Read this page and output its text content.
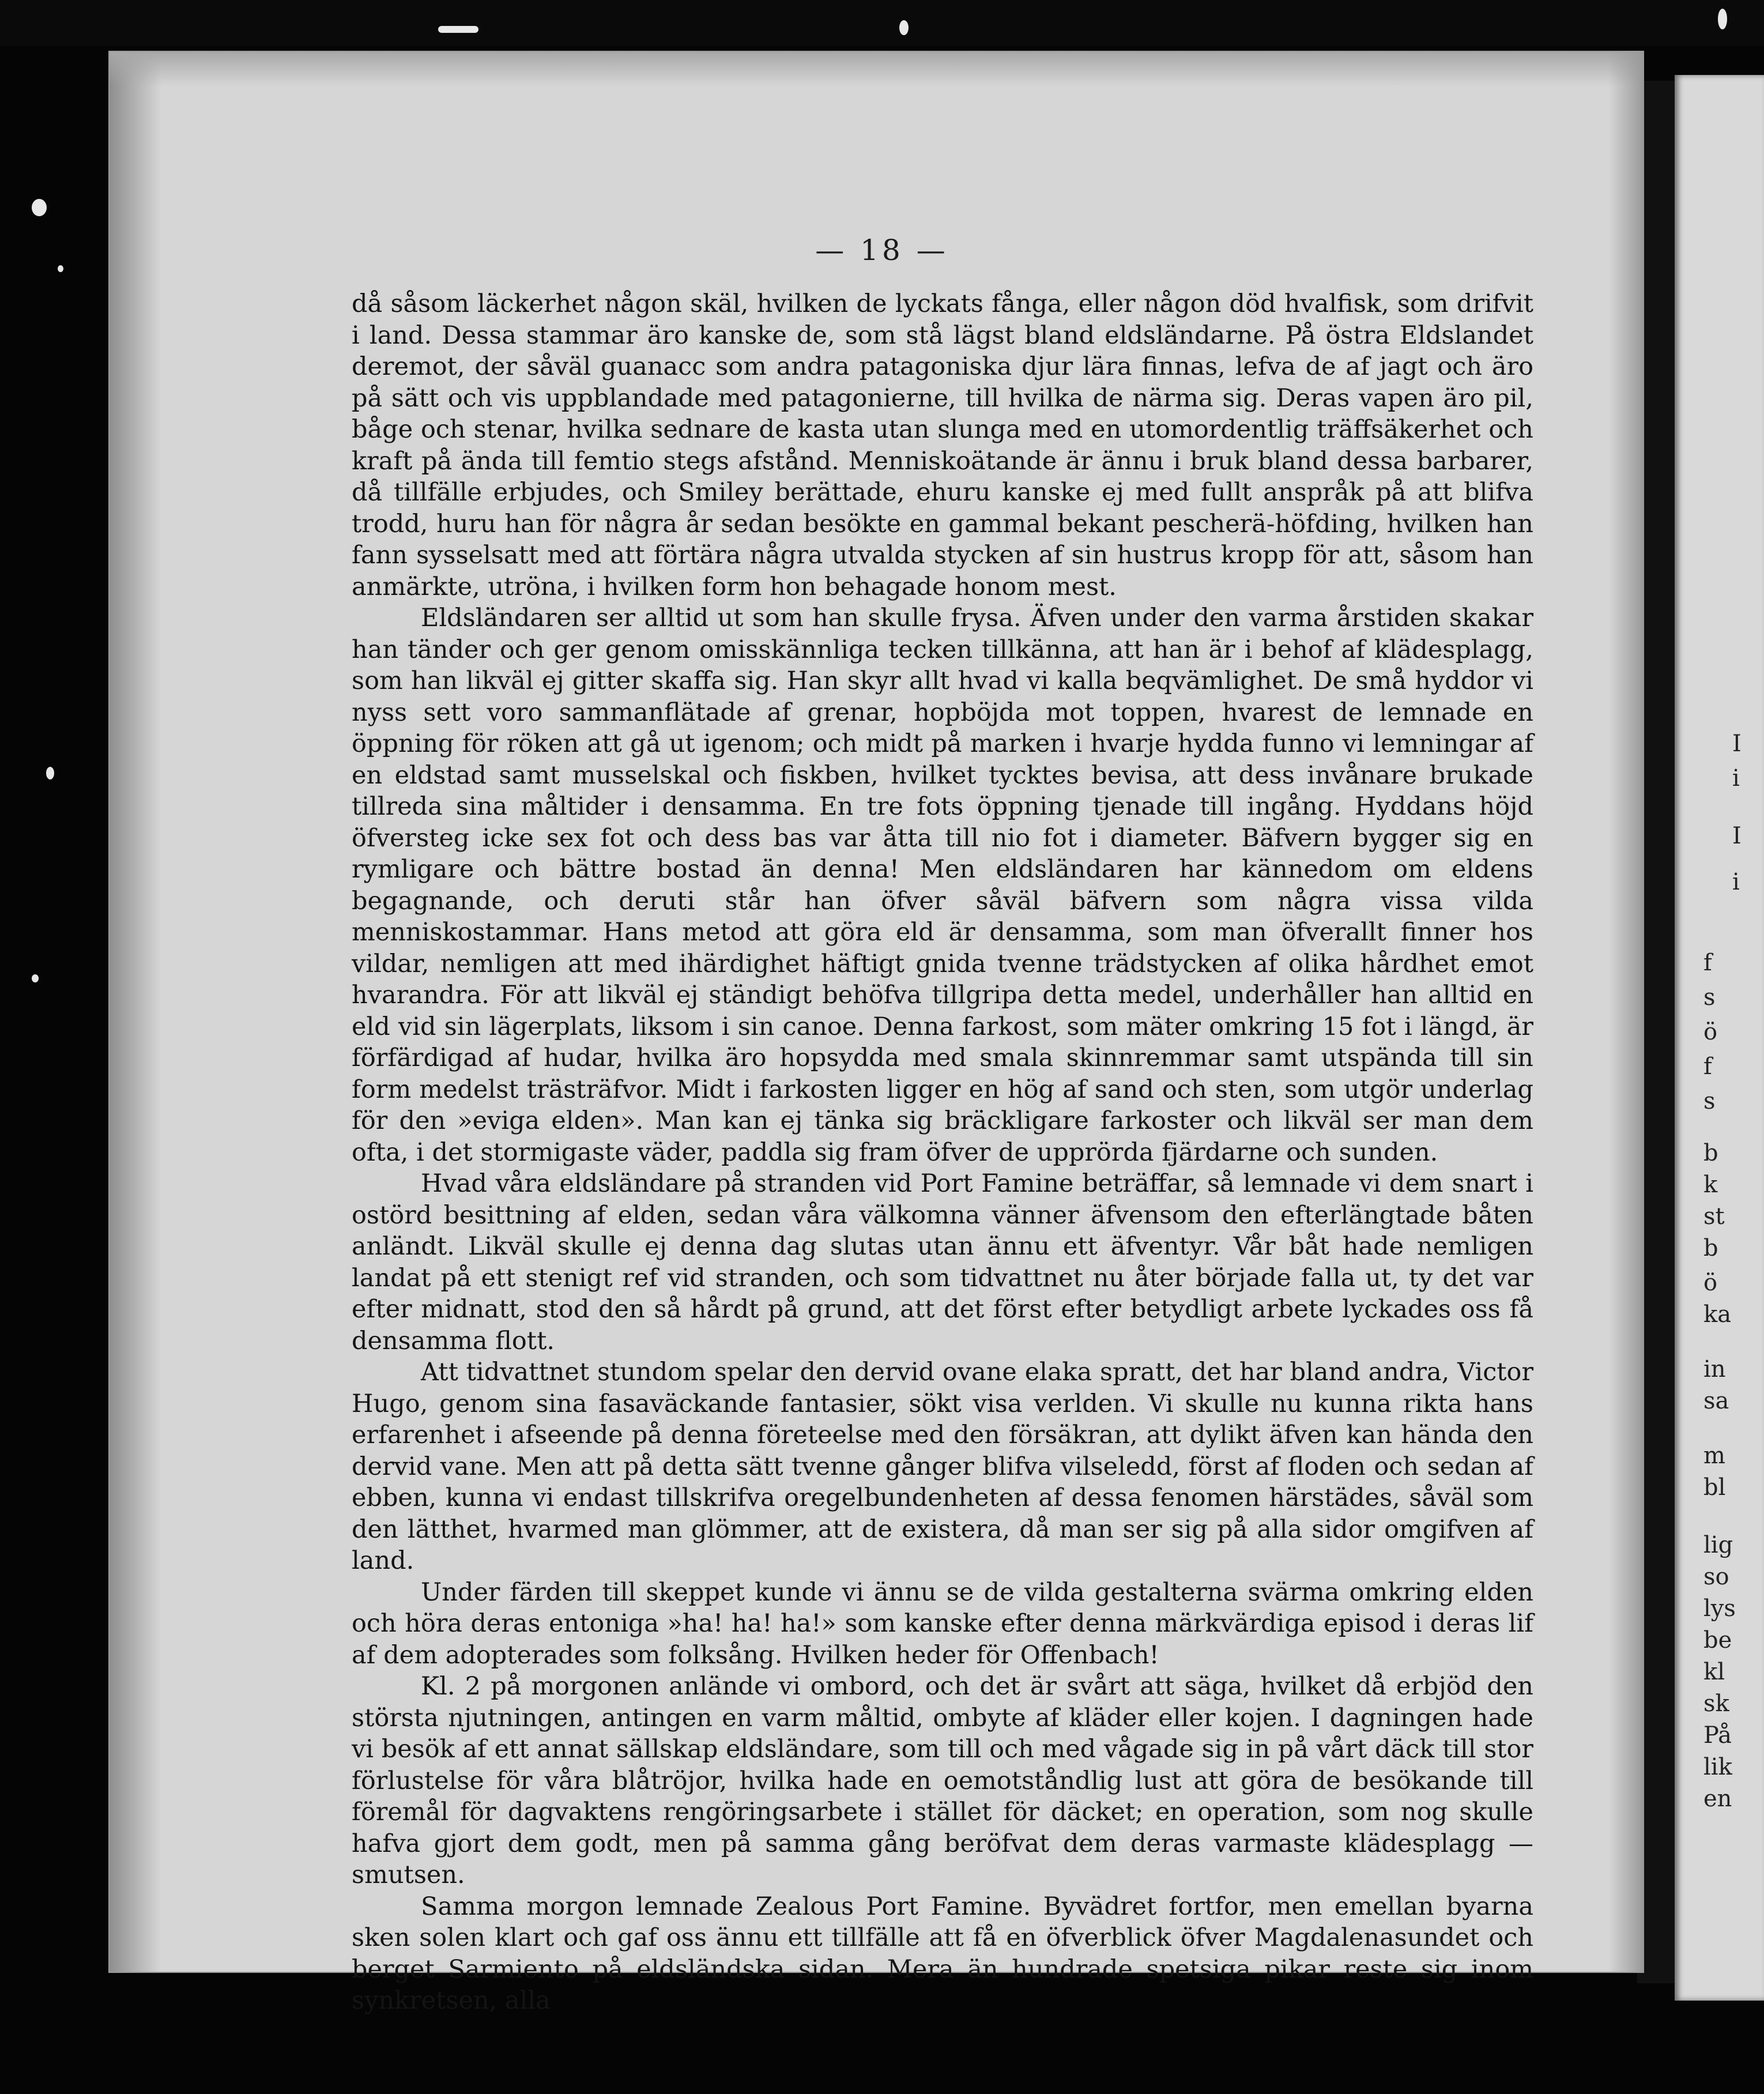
I
i
I
i
f
s
ö
f
s
b
k
st
b
ö
ka
in
sa
m
bl
lig
so
lys
be
kl
sk
På
lik
en
— 18 —

då såsom läckerhet någon skäl, hvilken de lyckats fånga, eller någon död hvalfisk, som drifvit i land. Dessa stammar äro kanske de, som stå lägst bland eldsländarne. På östra Eldslandet deremot, der såväl guanacc som andra patagoniska djur lära finnas, lefva de af jagt och äro på sätt och vis uppblandade med patagonierne, till hvilka de närma sig. Deras vapen äro pil, båge och stenar, hvilka sednare de kasta utan slunga med en utomordentlig träffsäkerhet och kraft på ända till femtio stegs afstånd. Menniskoätande är ännu i bruk bland dessa barbarer, då tillfälle erbjudes, och Smiley berättade, ehuru kanske ej med fullt anspråk på att blifva trodd, huru han för några år sedan besökte en gammal bekant pescherä-höfding, hvilken han fann sysselsatt med att förtära några utvalda stycken af sin hustrus kropp för att, såsom han anmärkte, utröna, i hvilken form hon behagade honom mest.

Eldsländaren ser alltid ut som han skulle frysa. Äfven under den varma årstiden skakar han tänder och ger genom omisskännliga tecken tillkänna, att han är i behof af klädesplagg, som han likväl ej gitter skaffa sig. Han skyr allt hvad vi kalla beqvämlighet. De små hyddor vi nyss sett voro sammanflätade af grenar, hopböjda mot toppen, hvarest de lemnade en öppning för röken att gå ut igenom; och midt på marken i hvarje hydda funno vi lemningar af en eldstad samt musselskal och fiskben, hvilket tycktes bevisa, att dess invånare brukade tillreda sina måltider i densamma. En tre fots öppning tjenade till ingång. Hyddans höjd öfversteg icke sex fot och dess bas var åtta till nio fot i diameter. Bäfvern bygger sig en rymligare och bättre bostad än denna! Men eldsländaren har kännedom om eldens begagnande, och deruti står han öfver såväl bäfvern som några vissa vilda menniskostammar. Hans metod att göra eld är densamma, som man öfverallt finner hos vildar, nemligen att med ihärdighet häftigt gnida tvenne trädstycken af olika hårdhet emot hvarandra. För att likväl ej ständigt behöfva tillgripa detta medel, underhåller han alltid en eld vid sin lägerplats, liksom i sin canoe. Denna farkost, som mäter omkring 15 fot i längd, är förfärdigad af hudar, hvilka äro hopsydda med smala skinnremmar samt utspända till sin form medelst trästräfvor. Midt i farkosten ligger en hög af sand och sten, som utgör underlag för den »eviga elden». Man kan ej tänka sig bräckligare farkoster och likväl ser man dem ofta, i det stormigaste väder, paddla sig fram öfver de upprörda fjärdarne och sunden.

Hvad våra eldsländare på stranden vid Port Famine beträffar, så lemnade vi dem snart i ostörd besittning af elden, sedan våra välkomna vänner äfvensom den efterlängtade båten anländt. Likväl skulle ej denna dag slutas utan ännu ett äfventyr. Vår båt hade nemligen landat på ett stenigt ref vid stranden, och som tidvattnet nu åter började falla ut, ty det var efter midnatt, stod den så hårdt på grund, att det först efter betydligt arbete lyckades oss få densamma flott.

Att tidvattnet stundom spelar den dervid ovane elaka spratt, det har bland andra, Victor Hugo, genom sina fasaväckande fantasier, sökt visa verlden. Vi skulle nu kunna rikta hans erfarenhet i afseende på denna företeelse med den försäkran, att dylikt äfven kan hända den dervid vane. Men att på detta sätt tvenne gånger blifva vilseledd, först af floden och sedan af ebben, kunna vi endast tillskrifva oregelbundenheten af dessa fenomen härstädes, såväl som den lätthet, hvarmed man glömmer, att de existera, då man ser sig på alla sidor omgifven af land.

Under färden till skeppet kunde vi ännu se de vilda gestalterna svärma omkring elden och höra deras entoniga »ha! ha! ha!» som kanske efter denna märkvärdiga episod i deras lif af dem adopterades som folksång. Hvilken heder för Offenbach!

Kl. 2 på morgonen anlände vi ombord, och det är svårt att säga, hvilket då erbjöd den största njutningen, antingen en varm måltid, ombyte af kläder eller kojen. I dagningen hade vi besök af ett annat sällskap eldsländare, som till och med vågade sig in på vårt däck till stor förlustelse för våra blåtröjor, hvilka hade en oemotståndlig lust att göra de besökande till föremål för dagvaktens rengöringsarbete i stället för däcket; en operation, som nog skulle hafva gjort dem godt, men på samma gång beröfvat dem deras varmaste klädesplagg — smutsen.

Samma morgon lemnade Zealous Port Famine. Byvädret fortfor, men emellan byarna sken solen klart och gaf oss ännu ett tillfälle att få en öfverblick öfver Magdalenasundet och berget Sarmiento på eldsländska sidan. Mera än hundrade spetsiga pikar reste sig inom synkretsen, alla
